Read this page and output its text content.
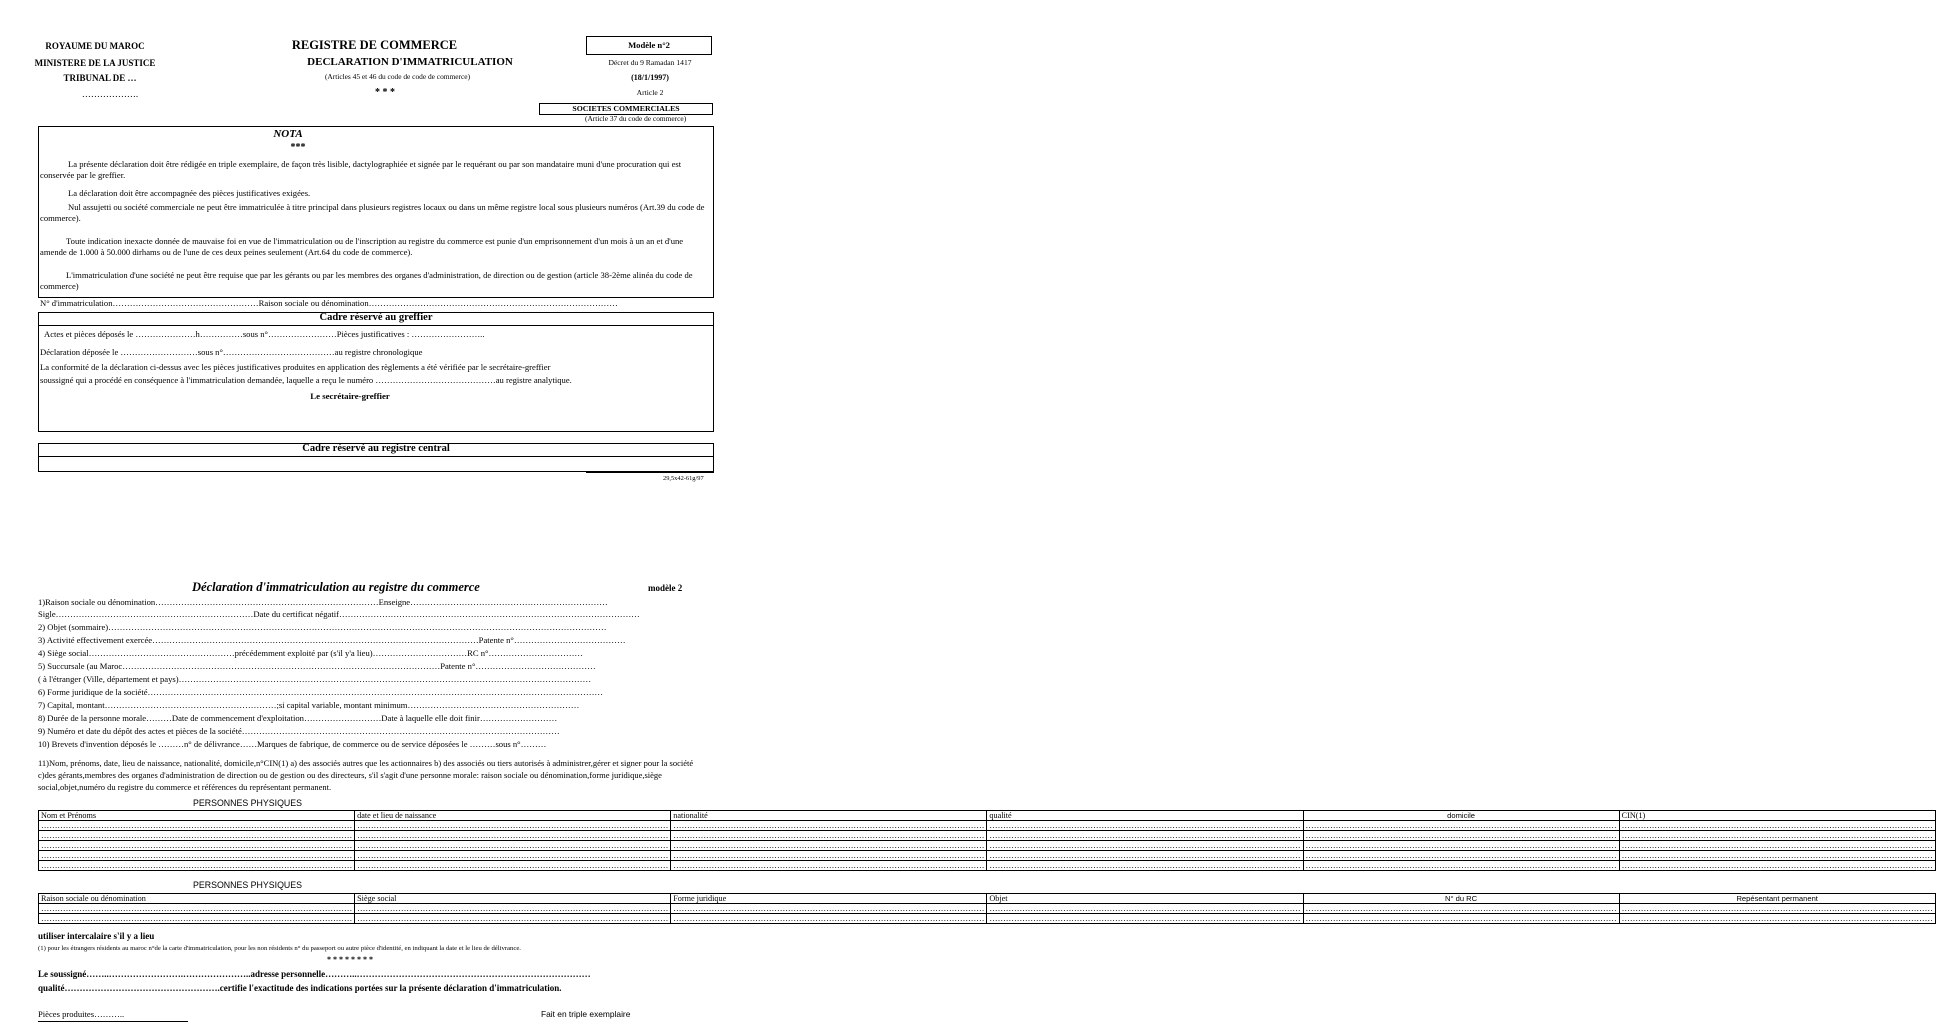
ROYAUME DU MAROC
MINISTERE DE LA JUSTICE
TRIBUNAL DE …
……………….
REGISTRE DE COMMERCE
DECLARATION D'IMMATRICULATION
(Articles 45 et 46 du code de code de commerce)
* * *
Modèle n°2
Décret du 9 Ramadan 1417
(18/1/1997)
Article 2
SOCIETES COMMERCIALES
(Article 37 du code de commerce)
NOTA
***
La présente déclaration doit être rédigée en triple exemplaire, de façon très lisible, dactylographiée et signée par le requérant ou par son mandataire muni d'une procuration qui est conservée par le greffier.
La déclaration doit être accompagnée des pièces justificatives exigées.
Nul assujetti ou société commerciale ne peut être immatriculée à titre principal dans plusieurs registres locaux ou dans un même registre local sous plusieurs numéros (Art.39 du code de commerce).
Toute indication inexacte donnée de mauvaise foi en vue de l'immatriculation ou de l'inscription au registre du commerce est punie d'un emprisonnement d'un mois à un an et d'une amende de 1.000 à 50.000 dirhams ou de l'une de ces deux peines seulement (Art.64 du code de commerce).
L'immatriculation d'une société ne peut être requise que par les gérants ou par les membres des organes d'administration, de direction ou de gestion (article 38-2ème alinéa du code de commerce)
N° d'immatriculation……………………………………………Raison sociale ou dénomination……………………………………………………………………………
Cadre réservé au greffier
Actes et pièces déposés le …………………h……………sous n°……………………Pièces justificatives : ……………………..
Déclaration déposée le ………………………sous n°…………………………………au registre chronologique
La conformité de la déclaration ci-dessus avec les pièces justificatives produites en application des règlements a été vérifiée par le secrétaire-greffier
soussigné qui a procédé en conséquence à l'immatriculation demandée, laquelle a reçu le numéro ……………………………………au registre analytique.
Le secrétaire-greffier
Cadre réservé au registre central
29,5x42-61g/97
Déclaration d'immatriculation au registre du commerce	modèle 2
1)Raison sociale ou dénomination……………………………………………………………………Enseigne……………………………………………………………
Sigle……………………………………………………………Date du certificat négatif……………………………………………………………………………………………
2) Objet (sommaire)…………………………………………………………………………………………………………………………………………………………
3) Activité effectivement exercée……………………………………………………………………………………………………Patente n°…………………………………
4) Siège social……………………………………………précédemment exploité par (s'il y'a lieu)……………………………RC n°……………………………
5) Succursale (au Maroc…………………………………………………………………………………………………Patente n°……………………………………
( à l'étranger (Ville, département et pays)………………………………………………………………………………………………………………………………
6) Forme juridique de la société……………………………………………………………………………………………………………………………………………
7) Capital, montant……………………………………………………;si capital variable, montant minimum……………………………………………………
8) Durée de la personne morale………Date de commencement d'exploitation………………………Date à laquelle elle doit finir………………………
9) Numéro et date du dépôt des actes et pièces de la société…………………………………………………………………………………………………
10) Brevets d'invention déposés le ………n° de délivrance……Marques de fabrique, de commerce ou de service déposées le ………sous n°………
11)Nom, prénoms, date, lieu de naissance, nationalité, domicile,n°CIN(1) a) des associés autres que les actionnaires b) des associés ou tiers autorisés à administrer,gérer et signer pour la société c)des gérants,membres des organes d'administration de direction ou de gestion ou des directeurs, s'il s'agit d'une personne morale: raison sociale ou dénomination,forme juridique,siège social,objet,numéro du registre du commerce et références du représentant permanent.
PERSONNES PHYSIQUES
Nom et Prénoms	date et lieu de naissance	nationalité	qualité	domicile	CIN(1)
……………………………………………………………………………………………………	……………………………………………………………………………………………………	……………………………………………………………………………………………………	……………………………………………………………………………………………………	……………………………………………………………………………………………………	……………………………………………………………………………………………………
……………………………………………………………………………………………………	……………………………………………………………………………………………………	……………………………………………………………………………………………………	……………………………………………………………………………………………………	……………………………………………………………………………………………………	……………………………………………………………………………………………………
……………………………………………………………………………………………………	……………………………………………………………………………………………………	……………………………………………………………………………………………………	……………………………………………………………………………………………………	……………………………………………………………………………………………………	……………………………………………………………………………………………………
……………………………………………………………………………………………………	……………………………………………………………………………………………………	……………………………………………………………………………………………………	……………………………………………………………………………………………………	……………………………………………………………………………………………………	……………………………………………………………………………………………………
……………………………………………………………………………………………………	……………………………………………………………………………………………………	……………………………………………………………………………………………………	……………………………………………………………………………………………………	……………………………………………………………………………………………………	……………………………………………………………………………………………………
PERSONNES PHYSIQUES
Raison sociale ou dénomination	Siège social	Forme juridique	Objet	N° du RC	Repésentant permanent
……………………………………………………………………………………………………	……………………………………………………………………………………………………	……………………………………………………………………………………………………	……………………………………………………………………………………………………	……………………………………………………………………………………………………	……………………………………………………………………………………………………
……………………………………………………………………………………………………	……………………………………………………………………………………………………	……………………………………………………………………………………………………	……………………………………………………………………………………………………	……………………………………………………………………………………………………	……………………………………………………………………………………………………
utiliser intercalaire s'il y a lieu
(1) pour les étrangers résidents au maroc n°de la carte d'immatriculation, pour les non résidents n° du passeport ou autre pièce d'identité, en indiquant la date et le lieu de délivrance.
* * * * * * * *
Le soussigné……..…………………….…………………..adresse personnelle………..……………………………………………………………………
qualité…………………………………………….certifie l'exactitude des indications portées sur la présente déclaration d'immatriculation.
Pièces produites………..	Fait en triple exemplaire
